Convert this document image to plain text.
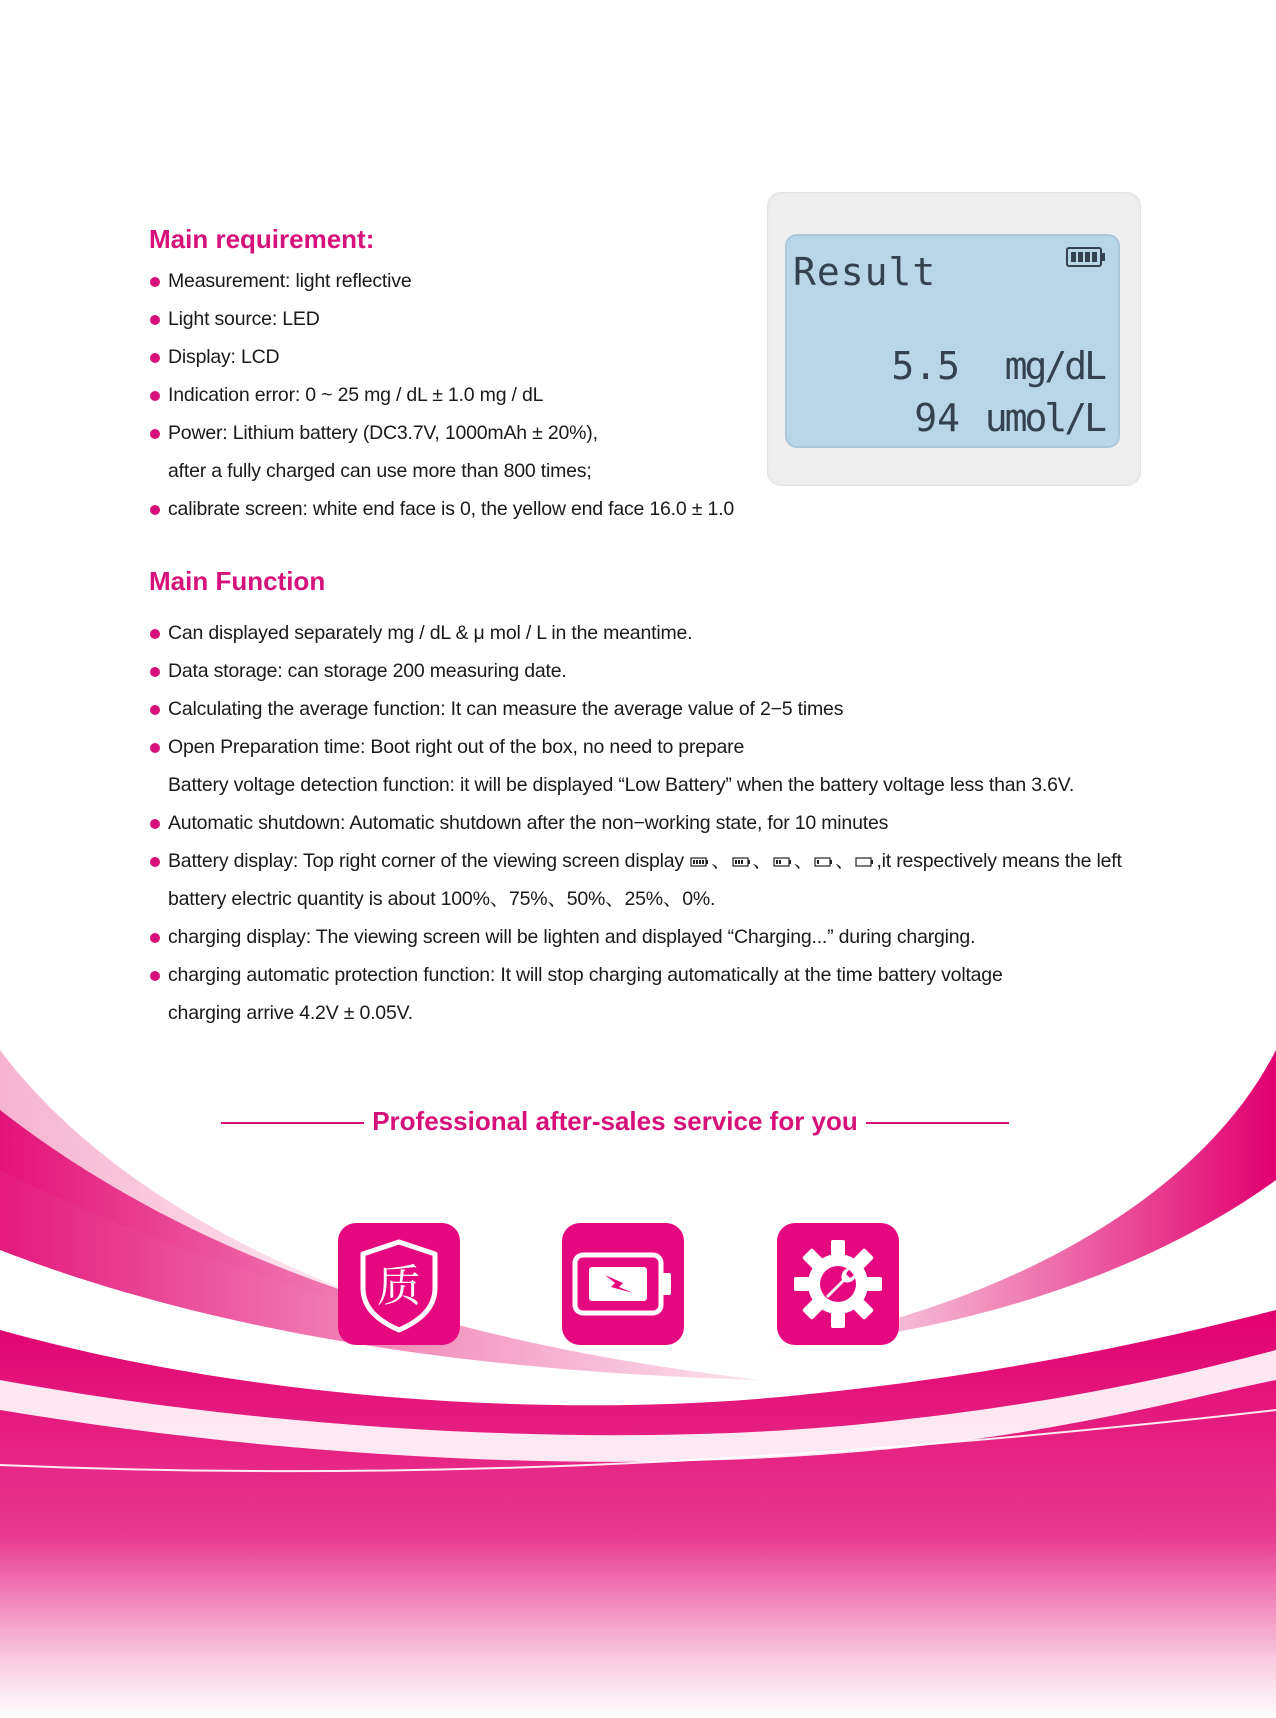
Main requirement:
Measurement: light reflective
Light source: LED
Display: LCD
Indication error: 0 ~ 25 mg / dL ± 1.0 mg / dL
Power: Lithium battery (DC3.7V, 1000mAh ± 20%),
after a fully charged can use more than 800 times;
calibrate screen: white end face is 0, the yellow end face 16.0 ± 1.0
Result
5.5 mg/dL
94 umol/L
Main Function
Can displayed separately mg / dL & μ mol / L in the meantime.
Data storage: can storage 200 measuring date.
Calculating the average function: It can measure the average value of 2−5 times
Open Preparation time: Boot right out of the box, no need to prepare
Battery voltage detection function: it will be displayed “Low Battery” when the battery voltage less than 3.6V.
Automatic shutdown: Automatic shutdown after the non−working state, for 10 minutes
Battery display: Top right corner of the viewing screen display 、 、 、 、 ,it respectively means the left
battery electric quantity is about 100%、75%、50%、25%、0%.
charging display: The viewing screen will be lighten and displayed “Charging...” during charging.
charging automatic protection function: It will stop charging automatically at the time battery voltage
charging arrive 4.2V ± 0.05V.
Professional after-sales service for you
质
